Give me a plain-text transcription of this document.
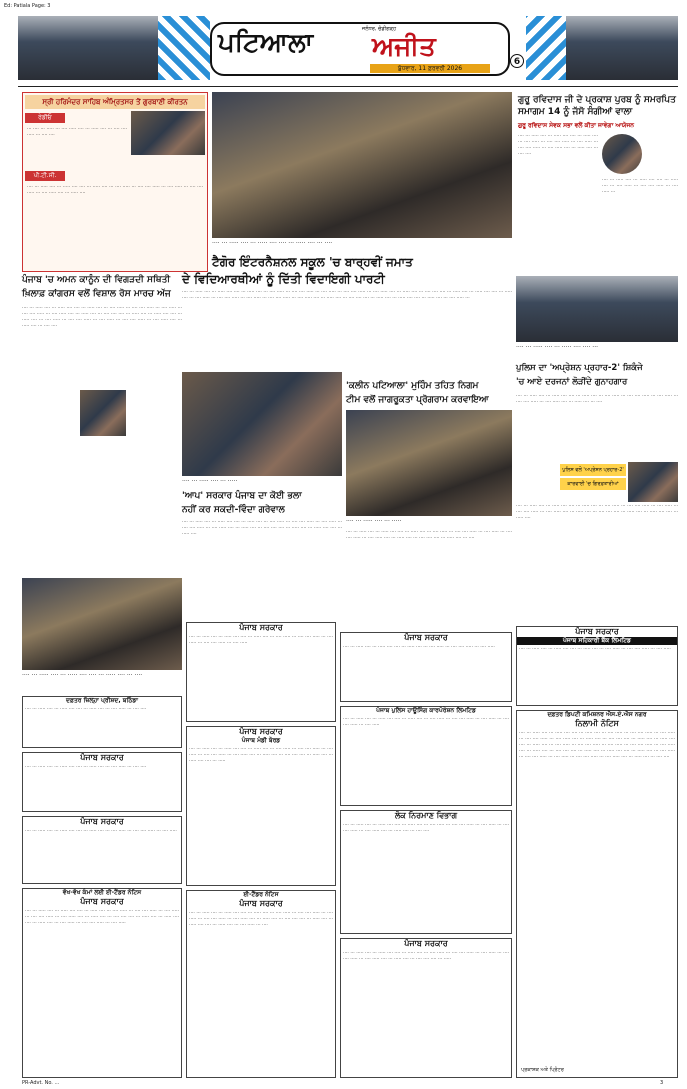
Ed: Patiala Page: 3
ਪਟਿਆਲਾ	ਜਲੰਧਰ, ਚੰਡੀਗੜ੍ਹ
ਅਜੀਤ
ਬੁੱਧਵਾਰ, 11 ਫ਼ਰਵਰੀ 2026
6
ਸ੍ਰੀ ਹਰਿਮੰਦਰ ਸਾਹਿਬ ਅੰਮ੍ਰਿਤਸਰ ਤੋਂ ਗੁਰਬਾਣੀ ਕੀਰਤਨ
ਰੇਡੀਓ
··· ···· ··· ····· ··· ···· ····· ···· ··· ····· ···· ··· ···· ···· ····· ··· ···· ····
ਪੀ.ਟੀ.ਸੀ.
···· ··· ····· ···· ··· ····· ···· ···· ··· ····· ···· ··· ···· ····· ··· ···· ···· ····· ··· ···· ····· ··· ···· ···· ····· ··· ···· ····· ···· ··· ····· ····
···· ··· ····· ···· ··· ····· ···· ···· ··· ····· ···· ··· ····
ਗੁਰੂ ਰਵਿਦਾਸ ਜੀ ਦੇ ਪ੍ਰਕਾਸ਼ ਪੁਰਬ ਨੂੰ ਸਮਰਪਿਤ ਸਮਾਗਮ 14 ਨੂੰ ਜੱਸੋ ਸੰਗੀਆਂ ਵਾਲਾ
ਗੁਰੂ ਰਵਿਦਾਸ ਸੇਵਕ ਸਭਾ ਵਲੋਂ ਕੀਤਾ ਜਾਵੇਗਾ ਆਯੋਜਨ
···· ··· ····· ···· ··· ····· ···· ···· ··· ····· ···· ··· ···· ····· ··· ···· ···· ····· ··· ···· ····· ··· ···· ···· ····· ··· ···· ····· ···· ··· ····· ···· ··· ···· ····
···· ··· ····· ···· ··· ····· ···· ···· ··· ····· ···· ··· ···· ····· ··· ···· ···· ····· ··· ···· ····· ···
ਟੈਗੋਰ ਇੰਟਰਨੈਸ਼ਨਲ ਸਕੂਲ 'ਚ ਬਾਰ੍ਹਵੀਂ ਜਮਾਤ
ਦੇ ਵਿਦਿਆਰਥੀਆਂ ਨੂੰ ਦਿੱਤੀ ਵਿਦਾਇਗੀ ਪਾਰਟੀ
ਪੰਜਾਬ 'ਚ ਅਮਨ ਕਾਨੂੰਨ ਦੀ ਵਿਗੜਦੀ ਸਥਿਤੀ
ਖ਼ਿਲਾਫ਼ ਕਾਂਗਰਸ ਵਲੋਂ ਵਿਸ਼ਾਲ ਰੋਸ ਮਾਰਚ ਅੱਜ
···· ··· ····· ···· ··· ····· ···· ···· ··· ····· ···· ··· ···· ····· ··· ···· ···· ····· ··· ···· ····· ··· ···· ···· ····· ··· ···· ····· ···· ··· ····· ···· ··· ···· ···· ···· ··· ····· ···· ··· ····· ···· ···· ··· ····· ···· ··· ···· ····· ··· ···· ···· ····· ··· ···· ····· ··· ···· ···· ····· ··· ···· ····· ···· ··· ····· ···· ··· ···· ····
···· ··· ····· ···· ··· ····· ···· ···· ··· ····· ···· ··· ····
···· ··· ····· ···· ··· ····· ···· ···· ··· ····· ···· ··· ···· ····· ··· ···· ···· ····· ··· ···· ····· ··· ···· ···· ····· ··· ···· ····· ···· ··· ····· ···· ··· ···· ···· ···· ··· ····· ···· ··· ····· ···· ···· ··· ····· ···· ··· ···· ····· ··· ···· ···· ····· ··· ···· ····· ··· ···· ···· ····· ··· ···· ····· ···· ··· ····· ···· ··· ···· ···· ···· ··· ····· ···· ··· ····· ···· ···· ··· ····· ···· ··· ···· ····· ···
···· ··· ····· ···· ··· ·····
'ਆਪ' ਸਰਕਾਰ ਪੰਜਾਬ ਦਾ ਕੋਈ ਭਲਾ
ਨਹੀਂ ਕਰ ਸਕਦੀ-ਵਿੰਦਾ ਗਰੇਵਾਲ
···· ··· ····· ···· ··· ····· ···· ···· ··· ····· ···· ··· ···· ····· ··· ···· ···· ····· ··· ···· ····· ··· ···· ···· ····· ··· ···· ····· ···· ··· ····· ···· ··· ···· ···· ···· ··· ····· ···· ··· ····· ···· ···· ··· ····· ····
'ਕਲੀਨ ਪਟਿਆਲਾ' ਮੁਹਿੰਮ ਤਹਿਤ ਨਿਗਮ
ਟੀਮ ਵਲੋਂ ਜਾਗਰੂਕਤਾ ਪ੍ਰੋਗਰਾਮ ਕਰਵਾਇਆ
···· ··· ····· ···· ··· ·····
···· ··· ····· ···· ··· ····· ···· ···· ··· ····· ···· ··· ···· ····· ··· ···· ···· ····· ··· ···· ····· ··· ···· ···· ····· ··· ···· ····· ···· ··· ····· ···· ··· ···· ···· ···· ··· ····· ···· ··· ····
···· ··· ····· ···· ··· ····· ···· ···· ···
ਪੁਲਿਸ ਦਾ 'ਅਪ੍ਰੇਸ਼ਨ ਪ੍ਰਹਾਰ-2' ਸ਼ਿਕੰਜੇ
'ਚ ਆਏ ਦਰਜਨਾਂ ਲੋੜੀਂਦੇ ਗੁਨਾਹਗਾਰ
···· ··· ····· ···· ··· ····· ···· ···· ··· ····· ···· ··· ···· ····· ··· ···· ···· ····· ··· ···· ····· ··· ···· ···· ····· ··· ···· ····· ···· ··· ····· ···· ··· ····
ਪੁਲਿਸ ਵਲੋਂ 'ਅਪ੍ਰੇਸ਼ਨ ਪ੍ਰਹਾਰ-2'
ਕਾਰਵਾਈ 'ਚ ਗਿਰਫ਼ਤਾਰੀਆਂ
···· ··· ····· ···· ··· ····· ···· ···· ··· ····· ···· ··· ···· ····· ··· ···· ···· ····· ··· ···· ····· ··· ···· ···· ····· ··· ···· ····· ···· ··· ····· ···· ··· ···· ···· ···· ··· ····· ···· ··· ····· ···· ···· ··· ····· ····
ਦਫ਼ਤਰ ਜ਼ਿਲ੍ਹਾ ਪ੍ਰੀਸ਼ਦ, ਬਠਿੰਡਾ
···· ··· ····· ···· ··· ····· ···· ···· ··· ····· ···· ··· ···· ····· ··· ···· ····
ਪੰਜਾਬ ਸਰਕਾਰ
···· ··· ····· ···· ··· ····· ···· ···· ··· ····· ···· ··· ···· ····· ··· ···· ····
ਪੰਜਾਬ ਸਰਕਾਰ
···· ··· ····· ···· ··· ····· ···· ···· ··· ····· ···· ··· ···· ····· ··· ···· ···· ····· ··· ···· ·····
ਵੱਖ-ਵੱਖ ਕੰਮਾਂ ਲਈ ਈ-ਟੈਂਡਰ ਨੋਟਿਸ
ਪੰਜਾਬ ਸਰਕਾਰ
···· ··· ····· ···· ··· ····· ···· ···· ··· ····· ···· ··· ···· ····· ··· ···· ···· ····· ··· ···· ····· ··· ···· ···· ····· ··· ···· ····· ···· ··· ····· ···· ··· ···· ···· ···· ··· ····· ···· ··· ····· ···· ···· ··· ····· ···· ··· ···· ····· ··· ···· ···· ····· ··· ···· ·····
ਪੰਜਾਬ ਸਰਕਾਰ
···· ··· ····· ···· ··· ····· ···· ···· ··· ····· ···· ··· ···· ····· ··· ···· ···· ····· ··· ···· ····· ··· ···· ···· ····· ··· ···· ·····
ਪੰਜਾਬ ਸਰਕਾਰ
ਪੰਜਾਬ ਮੰਡੀ ਬੋਰਡ
···· ··· ····· ···· ··· ····· ···· ···· ··· ····· ···· ··· ···· ····· ··· ···· ···· ····· ··· ···· ····· ··· ···· ···· ····· ··· ···· ····· ···· ··· ····· ···· ··· ···· ···· ···· ··· ····· ···· ··· ····· ···· ···· ··· ·····
ਈ-ਟੈਂਡਰ ਨੋਟਿਸ
ਪੰਜਾਬ ਸਰਕਾਰ
···· ··· ····· ···· ··· ····· ···· ···· ··· ····· ···· ··· ···· ····· ··· ···· ···· ····· ··· ···· ····· ··· ···· ···· ····· ··· ···· ····· ···· ··· ····· ···· ··· ···· ···· ···· ··· ····· ···· ··· ····· ···· ···· ··· ····· ···· ··· ···· ····· ··· ····
ਪੰਜਾਬ ਸਰਕਾਰ
···· ··· ····· ···· ··· ····· ···· ···· ··· ····· ···· ··· ···· ····· ··· ···· ···· ····· ··· ···· ·····
ਪੰਜਾਬ ਪੁਲਿਸ ਹਾਊਸਿੰਗ ਕਾਰਪੋਰੇਸ਼ਨ ਲਿਮਟਿਡ
···· ··· ····· ···· ··· ····· ···· ···· ··· ····· ···· ··· ···· ····· ··· ···· ···· ····· ··· ···· ····· ··· ···· ···· ····· ··· ···· ·····
ਲੋਕ ਨਿਰਮਾਣ ਵਿਭਾਗ
···· ··· ····· ···· ··· ····· ···· ···· ··· ····· ···· ··· ···· ····· ··· ···· ···· ····· ··· ···· ····· ··· ···· ···· ····· ··· ···· ····· ···· ··· ····· ···· ··· ···· ····
ਪੰਜਾਬ ਸਰਕਾਰ
···· ··· ····· ···· ··· ····· ···· ···· ··· ····· ···· ··· ···· ····· ··· ···· ···· ····· ··· ···· ····· ··· ···· ···· ····· ··· ···· ····· ···· ··· ····· ···· ··· ···· ···· ···· ··· ·····
ਪੰਜਾਬ ਸਰਕਾਰ
ਪੰਜਾਬ ਸਹਿਕਾਰੀ ਬੈਂਕ ਲਿਮਟਿਡ
···· ··· ····· ···· ··· ····· ···· ···· ··· ····· ···· ··· ···· ····· ··· ···· ···· ····· ··· ···· ·····
ਦਫ਼ਤਰ ਡਿਪਟੀ ਕਮਿਸ਼ਨਰ ਐਸ.ਏ.ਐਸ ਨਗਰ
ਨਿਲਾਮੀ ਨੋਟਿਸ
···· ··· ····· ···· ··· ····· ···· ···· ··· ····· ···· ··· ···· ····· ··· ···· ···· ····· ··· ···· ····· ··· ···· ···· ····· ··· ···· ····· ···· ··· ····· ···· ··· ···· ···· ···· ··· ····· ···· ··· ····· ···· ···· ··· ····· ···· ··· ···· ····· ··· ···· ···· ····· ··· ···· ····· ··· ···· ···· ····· ··· ···· ····· ···· ··· ····· ···· ··· ···· ···· ···· ··· ····· ···· ··· ····· ···· ···· ··· ····· ···· ··· ···· ····· ··· ···· ···· ····· ··· ···· ····· ··· ···· ···· ····· ··· ···· ····· ···· ··· ····· ···· ··· ···· ····
ਪ੍ਰਕਾਸ਼ਕ ਅਤੇ ਪ੍ਰਿੰਟਰ
PR-Advt. No. ...	3
